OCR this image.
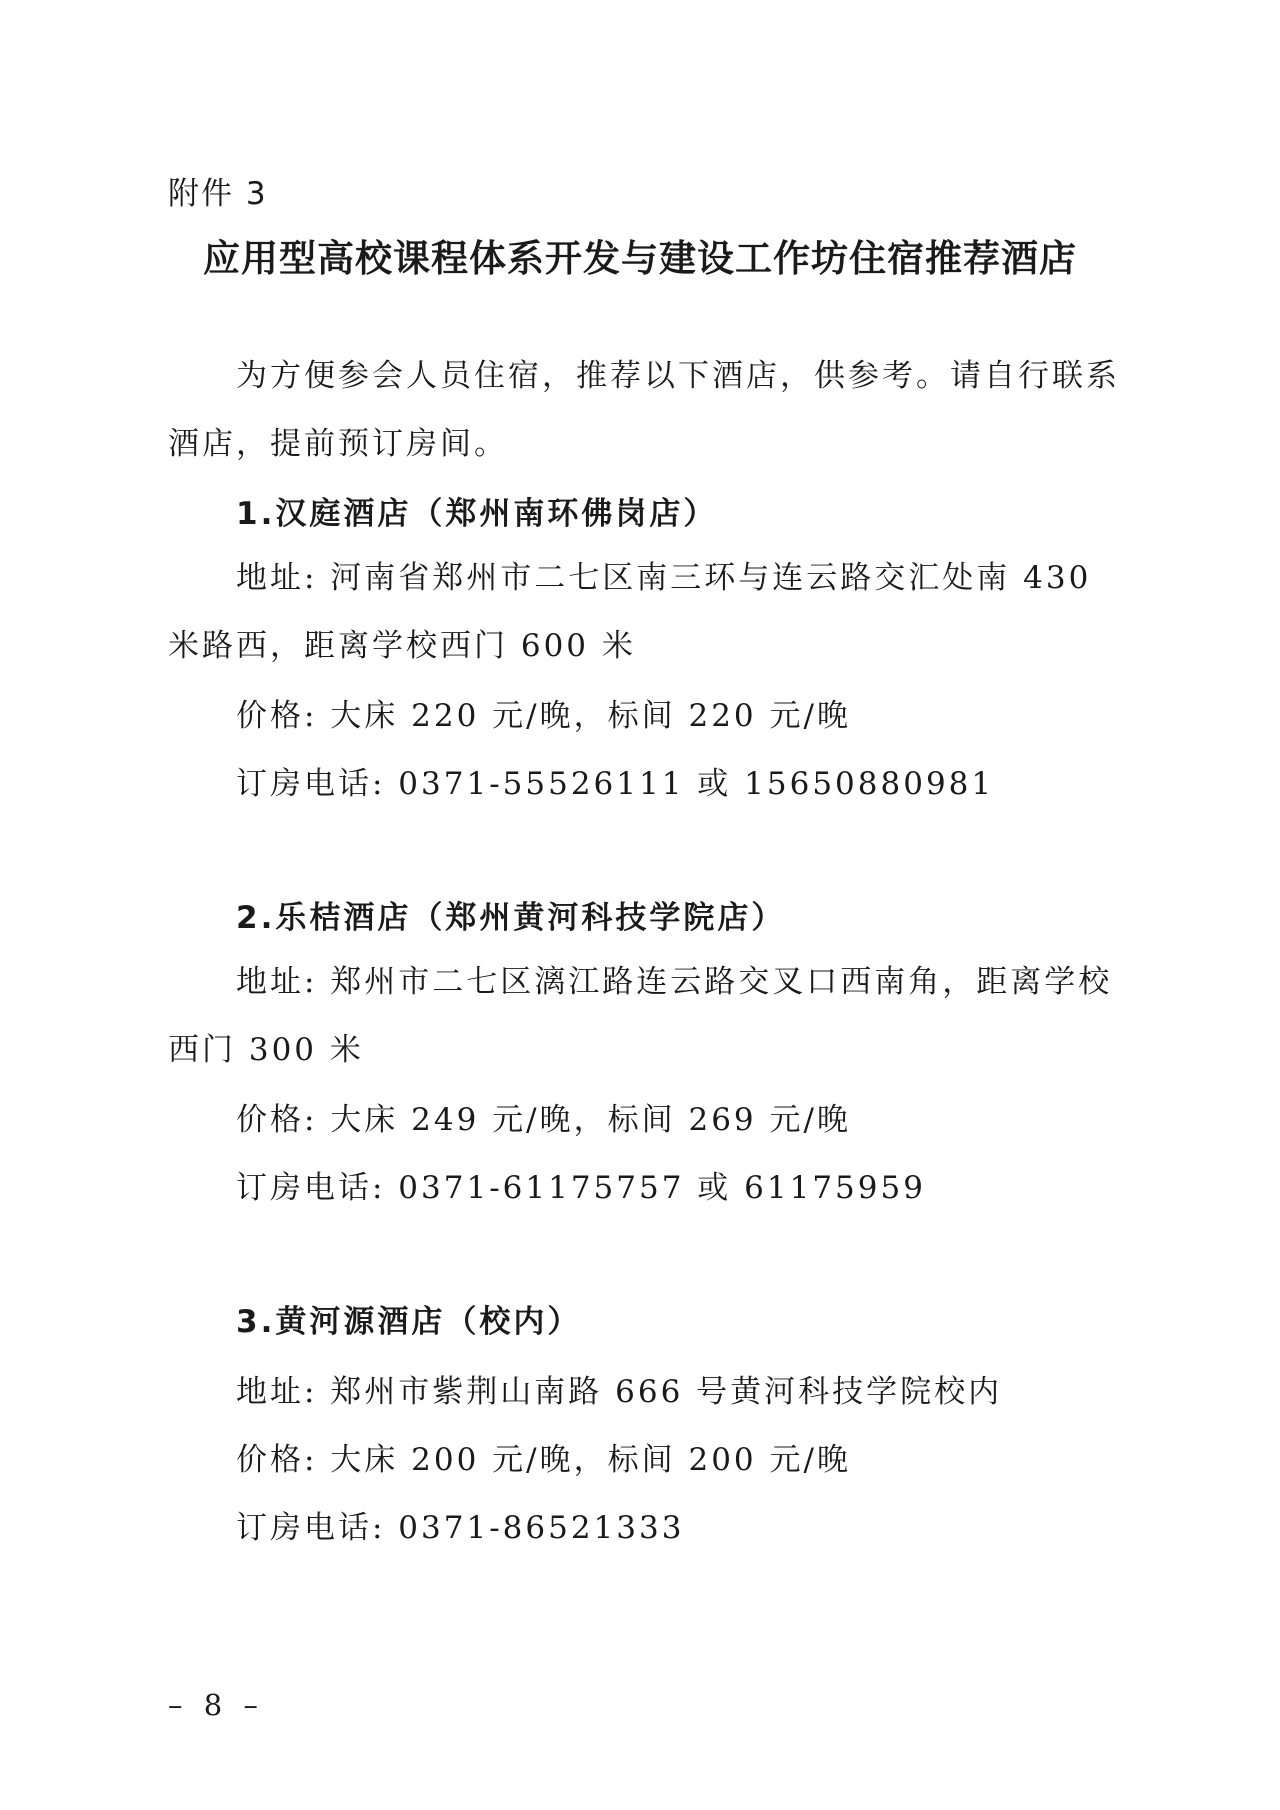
附件 3
应用型高校课程体系开发与建设工作坊住宿推荐酒店

为方便参会人员住宿，推荐以下酒店，供参考。请自行联系酒店，提前预订房间。

1.汉庭酒店（郑州南环佛岗店）

地址: 河南省郑州市二七区南三环与连云路交汇处南 430 米路西，距离学校西门 600 米

价格: 大床 220 元/晚，标间 220 元/晚
订房电话: 0371-55526111 或 15650880981
2.乐桔酒店（郑州黄河科技学院店）

地址: 郑州市二七区漓江路连云路交叉口西南角，距离学校西门 300 米

价格: 大床 249 元/晚，标间 269 元/晚
订房电话: 0371-61175757 或 61175959
3.黄河源酒店（校内）
地址: 郑州市紫荆山南路 666 号黄河科技学院校内
价格: 大床 200 元/晚，标间 200 元/晚
订房电话: 0371-86521333
– 8 –
